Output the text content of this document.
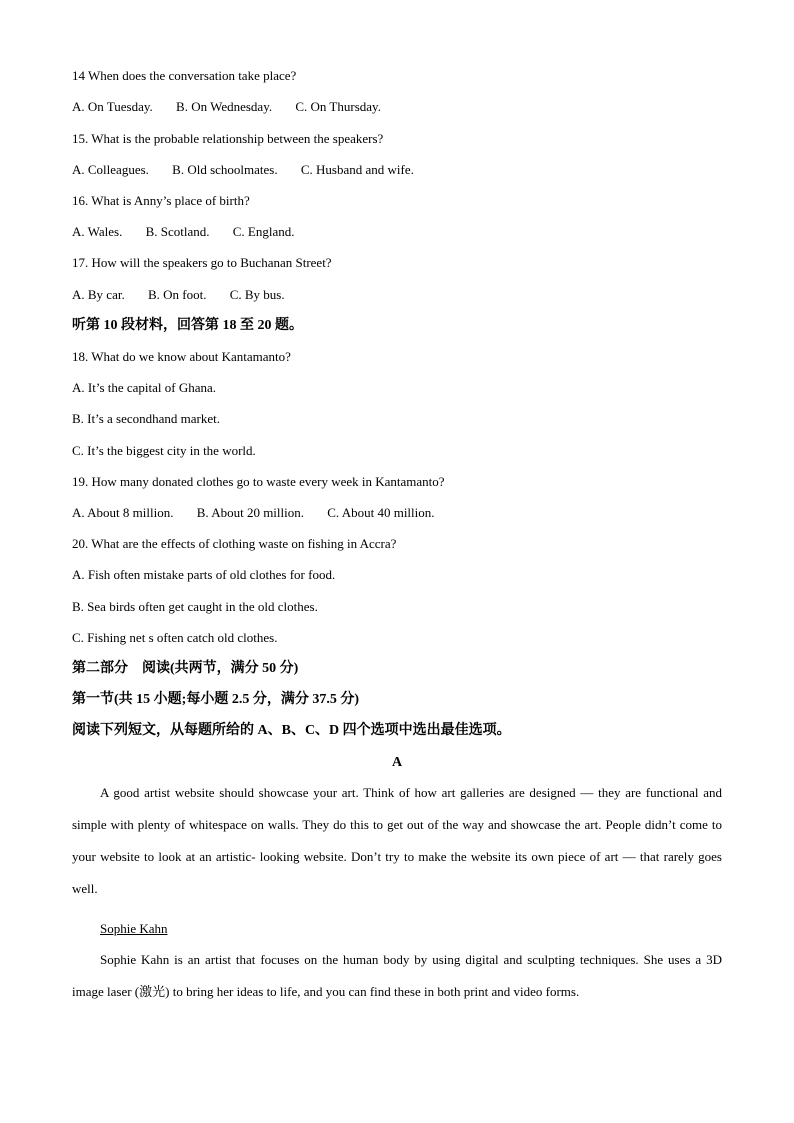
14 When does the conversation take place?
A. On Tuesday. B. On Wednesday. C. On Thursday.
15. What is the probable relationship between the speakers?
A. Colleagues. B. Old schoolmates. C. Husband and wife.
16. What is Anny’s place of birth?
A. Wales. B. Scotland. C. England.
17. How will the speakers go to Buchanan Street?
A. By car. B. On foot. C. By bus.
听第 10 段材料，回答第 18 至 20 题。
18. What do we know about Kantamanto?
A. It’s the capital of Ghana.
B. It’s a secondhand market.
C. It’s the biggest city in the world.
19. How many donated clothes go to waste every week in Kantamanto?
A. About 8 million. B. About 20 million. C. About 40 million.
20. What are the effects of clothing waste on fishing in Accra?
A. Fish often mistake parts of old clothes for food.
B. Sea birds often get caught in the old clothes.
C. Fishing net s often catch old clothes.
第二部分　阅读(共两节，满分 50 分)
第一节(共 15 小题;每小题 2.5 分，满分 37.5 分)
阅读下列短文，从每题所给的 A、B、C、D 四个选项中选出最佳选项。
A
A good artist website should showcase your art. Think of how art galleries are designed — they are functional and simple with plenty of whitespace on walls. They do this to get out of the way and showcase the art. People didn’t come to your website to look at an artistic- looking website. Don’t try to make the website its own piece of art — that rarely goes well.
Sophie Kahn
Sophie Kahn is an artist that focuses on the human body by using digital and sculpting techniques. She uses a 3D image laser (激光) to bring her ideas to life, and you can find these in both print and video forms.
